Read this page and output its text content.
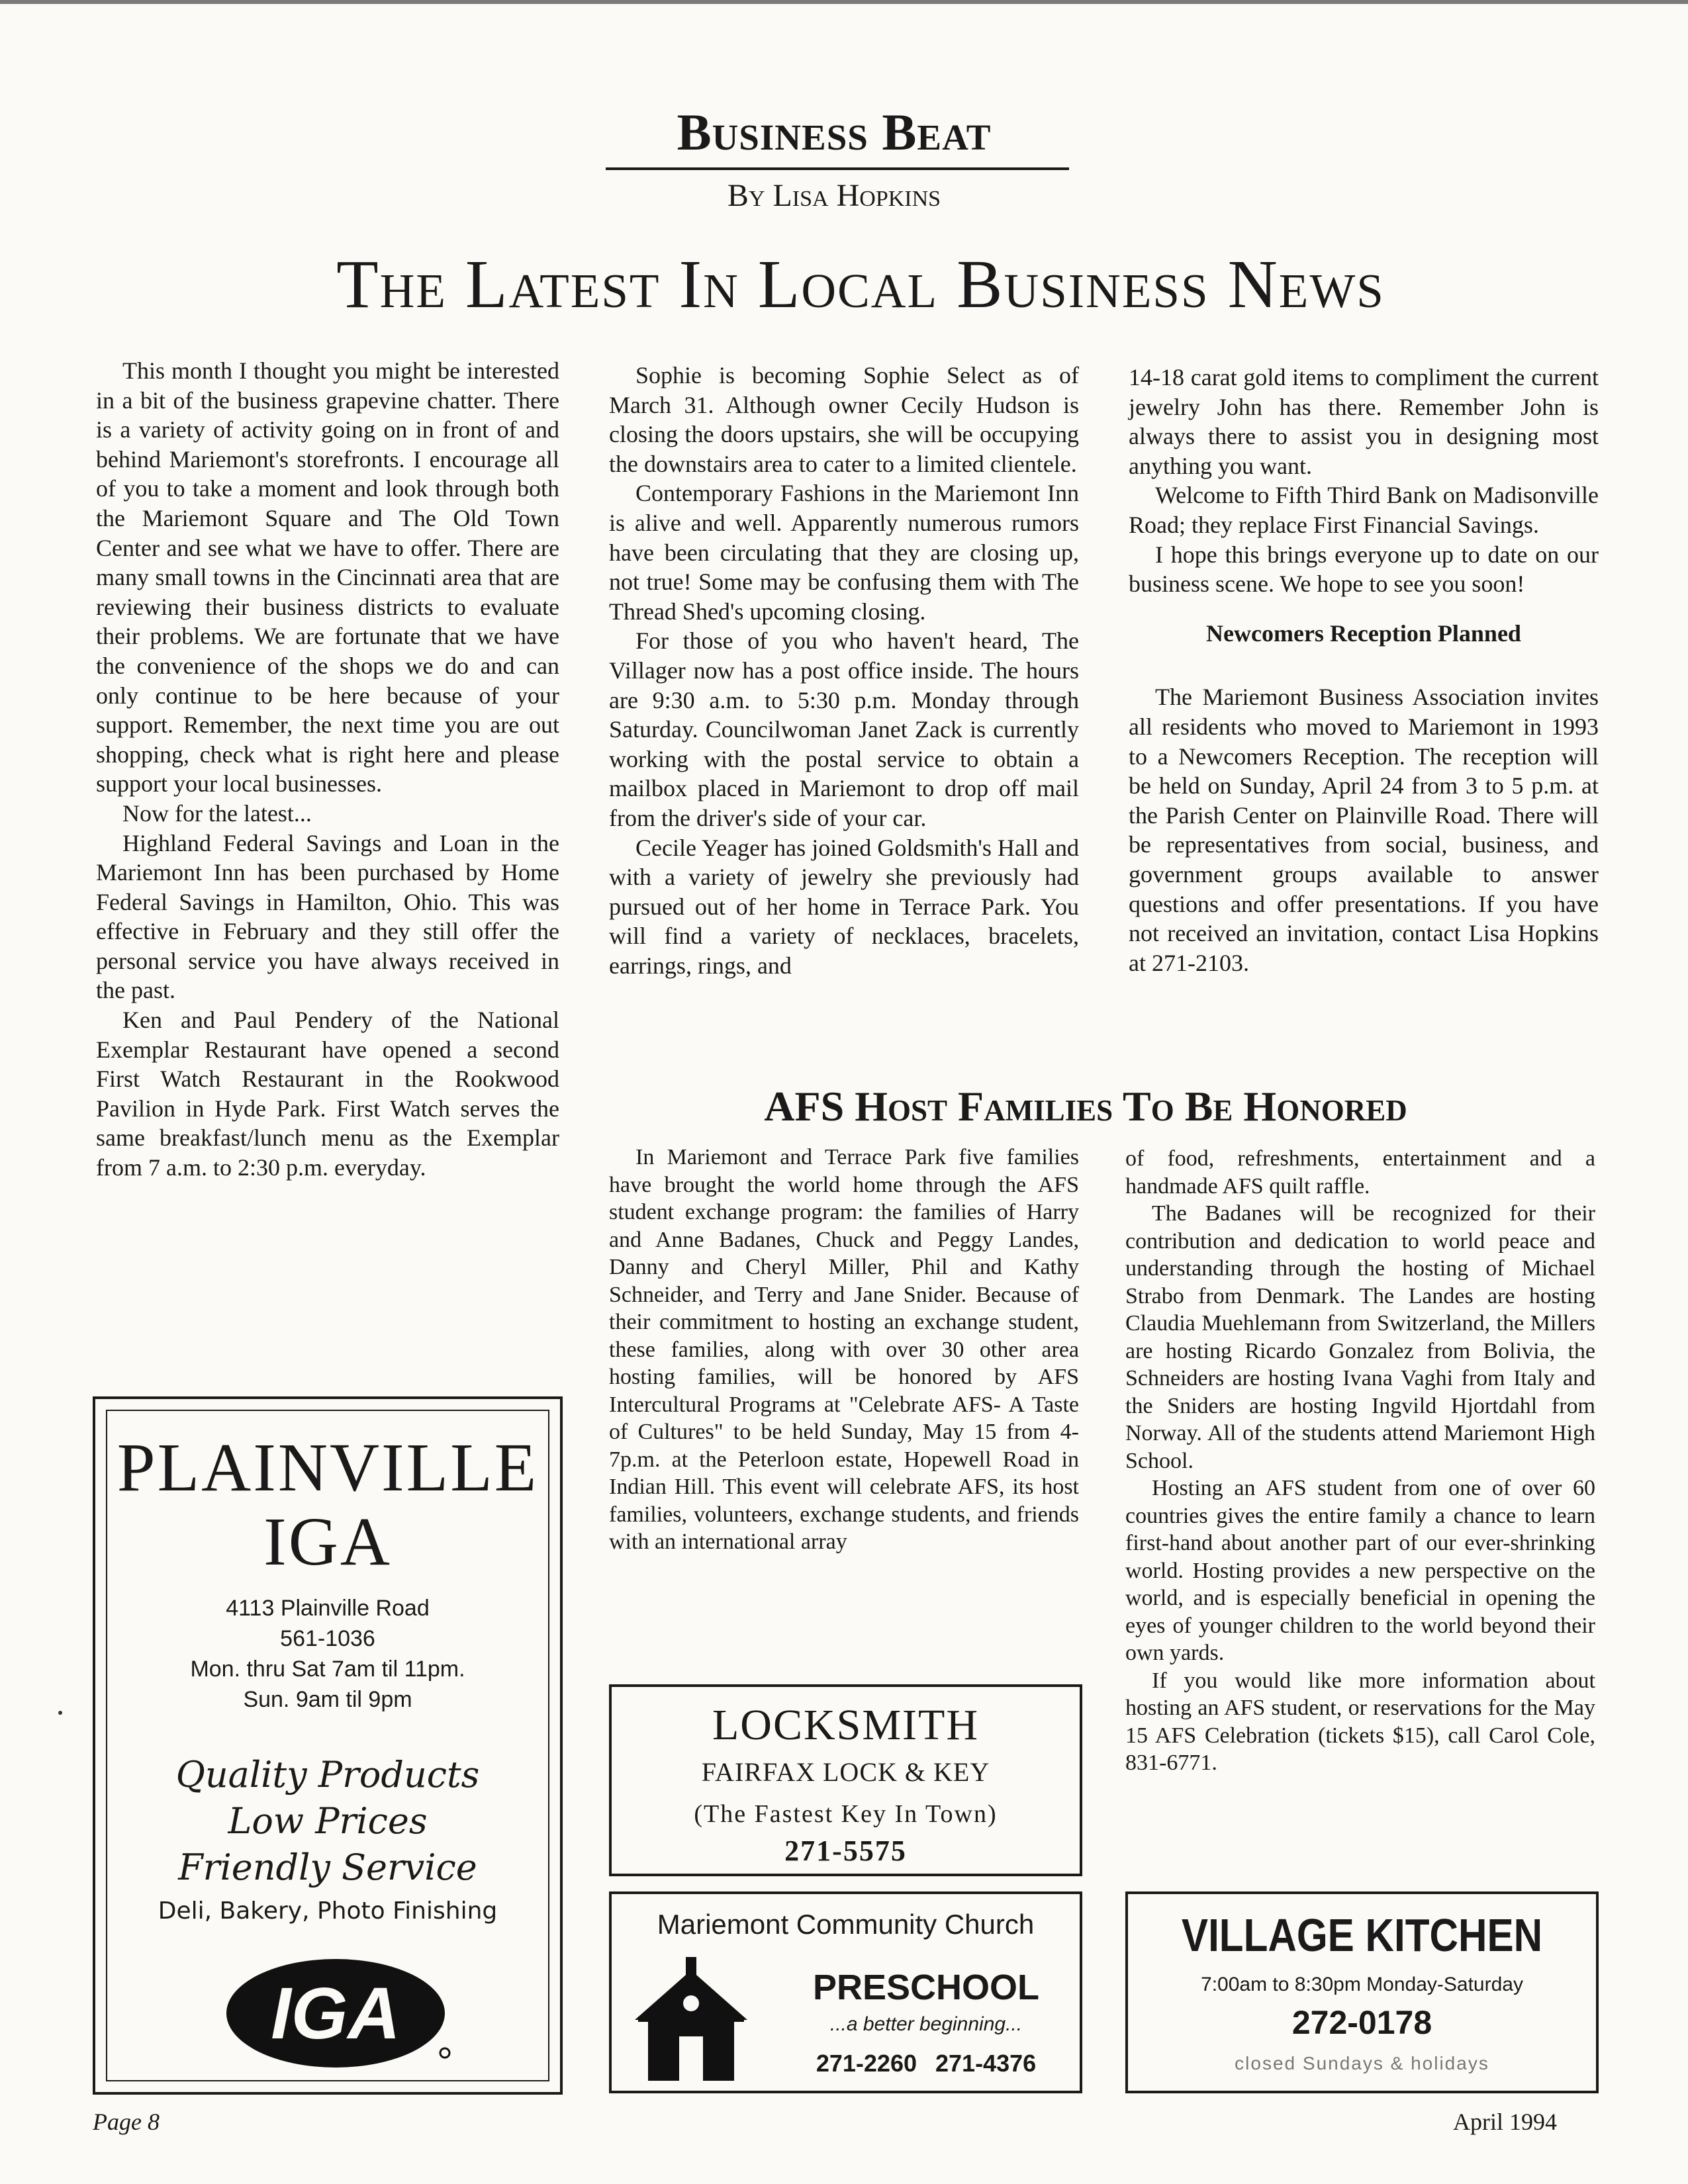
Business Beat
By Lisa Hopkins
The Latest In Local Business News

This month I thought you might be interested in a bit of the business grapevine chatter. There is a variety of activity going on in front of and behind Mariemont's storefronts. I encourage all of you to take a moment and look through both the Mariemont Square and The Old Town Center and see what we have to offer. There are many small towns in the Cincinnati area that are reviewing their business districts to evaluate their problems. We are fortunate that we have the convenience of the shops we do and can only continue to be here because of your support. Remember, the next time you are out shopping, check what is right here and please support your local businesses.

Now for the latest...

Highland Federal Savings and Loan in the Mariemont Inn has been purchased by Home Federal Savings in Hamilton, Ohio. This was effective in February and they still offer the personal service you have always received in the past.

Ken and Paul Pendery of the National Exemplar Restaurant have opened a second First Watch Restaurant in the Rookwood Pavilion in Hyde Park. First Watch serves the same breakfast/lunch menu as the Exemplar from 7 a.m. to 2:30 p.m. everyday.

Sophie is becoming Sophie Select as of March 31. Although owner Cecily Hudson is closing the doors upstairs, she will be occupying the downstairs area to cater to a limited clientele.

Contemporary Fashions in the Mariemont Inn is alive and well. Apparently numerous rumors have been circulating that they are closing up, not true! Some may be confusing them with The Thread Shed's upcoming closing.

For those of you who haven't heard, The Villager now has a post office inside. The hours are 9:30 a.m. to 5:30 p.m. Monday through Saturday. Councilwoman Janet Zack is currently working with the postal service to obtain a mailbox placed in Mariemont to drop off mail from the driver's side of your car.

Cecile Yeager has joined Goldsmith's Hall and with a variety of jewelry she previously had pursued out of her home in Terrace Park. You will find a variety of necklaces, bracelets, earrings, rings, and

14-18 carat gold items to compliment the current jewelry John has there. Remember John is always there to assist you in designing most anything you want.

Welcome to Fifth Third Bank on Madisonville Road; they replace First Financial Savings.

I hope this brings everyone up to date on our business scene. We hope to see you soon!

Newcomers Reception Planned

The Mariemont Business Association invites all residents who moved to Mariemont in 1993 to a Newcomers Reception. The reception will be held on Sunday, April 24 from 3 to 5 p.m. at the Parish Center on Plainville Road. There will be representatives from social, business, and government groups available to answer questions and offer presentations. If you have not received an invitation, contact Lisa Hopkins at 271-2103.

AFS Host Families To Be Honored

In Mariemont and Terrace Park five families have brought the world home through the AFS student exchange program: the families of Harry and Anne Badanes, Chuck and Peggy Landes, Danny and Cheryl Miller, Phil and Kathy Schneider, and Terry and Jane Snider. Because of their commitment to hosting an exchange student, these families, along with over 30 other area hosting families, will be honored by AFS Intercultural Programs at "Celebrate AFS- A Taste of Cultures" to be held Sunday, May 15 from 4-7p.m. at the Peterloon estate, Hopewell Road in Indian Hill. This event will celebrate AFS, its host families, volunteers, exchange students, and friends with an international array

of food, refreshments, entertainment and a handmade AFS quilt raffle.

The Badanes will be recognized for their contribution and dedication to world peace and understanding through the hosting of Michael Strabo from Denmark. The Landes are hosting Claudia Muehlemann from Switzerland, the Millers are hosting Ricardo Gonzalez from Bolivia, the Schneiders are hosting Ivana Vaghi from Italy and the Sniders are hosting Ingvild Hjortdahl from Norway. All of the students attend Mariemont High School.

Hosting an AFS student from one of over 60 countries gives the entire family a chance to learn first-hand about another part of our ever-shrinking world. Hosting provides a new perspective on the world, and is especially beneficial in opening the eyes of younger children to the world beyond their own yards.

If you would like more information about hosting an AFS student, or reservations for the May 15 AFS Celebration (tickets $15), call Carol Cole, 831-6771.

PLAINVILLE
IGA
4113 Plainville Road
561-1036
Mon. thru Sat 7am til 11pm.
Sun. 9am til 9pm
Quality Products
Low Prices
Friendly Service
Deli, Bakery, Photo Finishing
IGA
LOCKSMITH
FAIRFAX LOCK & KEY
(The Fastest Key In Town)
271-5575
Mariemont Community Church
PRESCHOOL
...a better beginning...
271-2260 271-4376
VILLAGE KITCHEN
7:00am to 8:30pm Monday-Saturday
272-0178
closed Sundays & holidays
Page 8	April 1994
